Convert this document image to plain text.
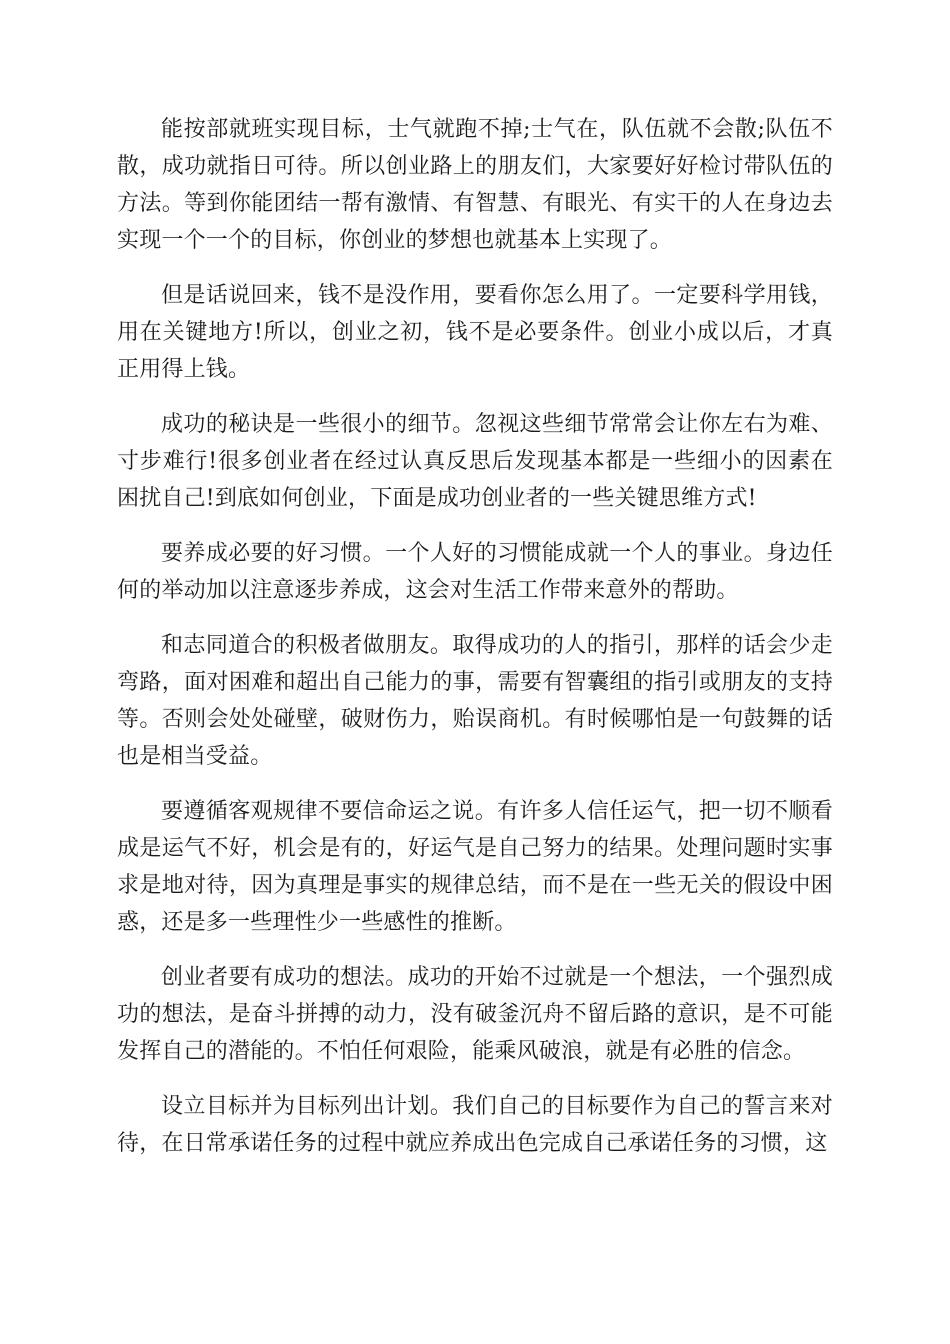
能按部就班实现目标，士气就跑不掉;士气在，队伍就不会散;队伍不散，成功就指日可待。所以创业路上的朋友们，大家要好好检讨带队伍的方法。等到你能团结一帮有激情、有智慧、有眼光、有实干的人在身边去实现一个一个的目标，你创业的梦想也就基本上实现了。

但是话说回来，钱不是没作用，要看你怎么用了。一定要科学用钱，用在关键地方!所以，创业之初，钱不是必要条件。创业小成以后，才真正用得上钱。

成功的秘诀是一些很小的细节。忽视这些细节常常会让你左右为难、寸步难行!很多创业者在经过认真反思后发现基本都是一些细小的因素在困扰自己!到底如何创业，下面是成功创业者的一些关键思维方式!

要养成必要的好习惯。一个人好的习惯能成就一个人的事业。身边任何的举动加以注意逐步养成，这会对生活工作带来意外的帮助。

和志同道合的积极者做朋友。取得成功的人的指引，那样的话会少走弯路，面对困难和超出自己能力的事，需要有智囊组的指引或朋友的支持等。否则会处处碰壁，破财伤力，贻误商机。有时候哪怕是一句鼓舞的话也是相当受益。

要遵循客观规律不要信命运之说。有许多人信任运气，把一切不顺看成是运气不好，机会是有的，好运气是自己努力的结果。处理问题时实事求是地对待，因为真理是事实的规律总结，而不是在一些无关的假设中困惑，还是多一些理性少一些感性的推断。

创业者要有成功的想法。成功的开始不过就是一个想法，一个强烈成功的想法，是奋斗拼搏的动力，没有破釜沉舟不留后路的意识，是不可能发挥自己的潜能的。不怕任何艰险，能乘风破浪，就是有必胜的信念。

设立目标并为目标列出计划。我们自己的目标要作为自己的誓言来对待，在日常承诺任务的过程中就应养成出色完成自己承诺任务的习惯，这
